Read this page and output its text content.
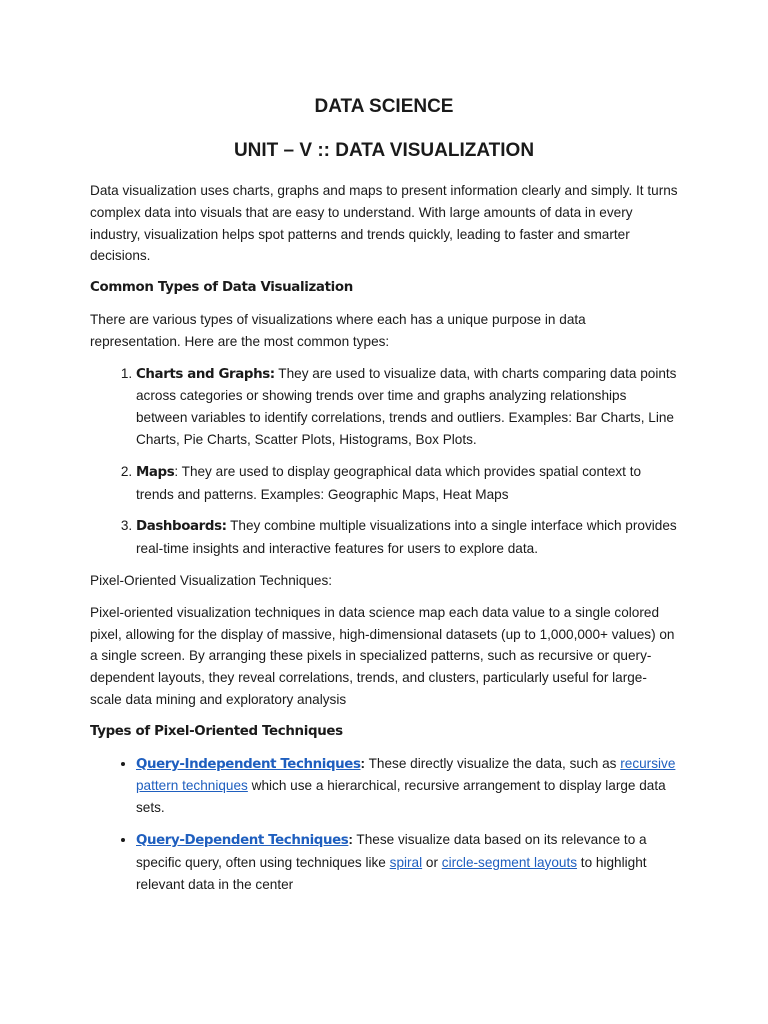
DATA SCIENCE
UNIT – V :: DATA VISUALIZATION

Data visualization uses charts, graphs and maps to present information clearly and simply. It turns complex data into visuals that are easy to understand. With large amounts of data in every industry, visualization helps spot patterns and trends quickly, leading to faster and smarter decisions.

Common Types of Data Visualization

There are various types of visualizations where each has a unique purpose in data representation. Here are the most common types:

1. Charts and Graphs: They are used to visualize data, with charts comparing data points across categories or showing trends over time and graphs analyzing relationships between variables to identify correlations, trends and outliers. Examples: Bar Charts, Line Charts, Pie Charts, Scatter Plots, Histograms, Box Plots.
2. Maps: They are used to display geographical data which provides spatial context to trends and patterns. Examples: Geographic Maps, Heat Maps
3. Dashboards: They combine multiple visualizations into a single interface which provides real-time insights and interactive features for users to explore data.

Pixel-Oriented Visualization Techniques:

Pixel-oriented visualization techniques in data science map each data value to a single colored pixel, allowing for the display of massive, high-dimensional datasets (up to 1,000,000+ values) on a single screen. By arranging these pixels in specialized patterns, such as recursive or query-dependent layouts, they reveal correlations, trends, and clusters, particularly useful for large-scale data mining and exploratory analysis

Types of Pixel-Oriented Techniques
• Query-Independent Techniques: These directly visualize the data, such as recursive pattern techniques which use a hierarchical, recursive arrangement to display large data sets.
• Query-Dependent Techniques: These visualize data based on its relevance to a specific query, often using techniques like spiral or circle-segment layouts to highlight relevant data in the center
